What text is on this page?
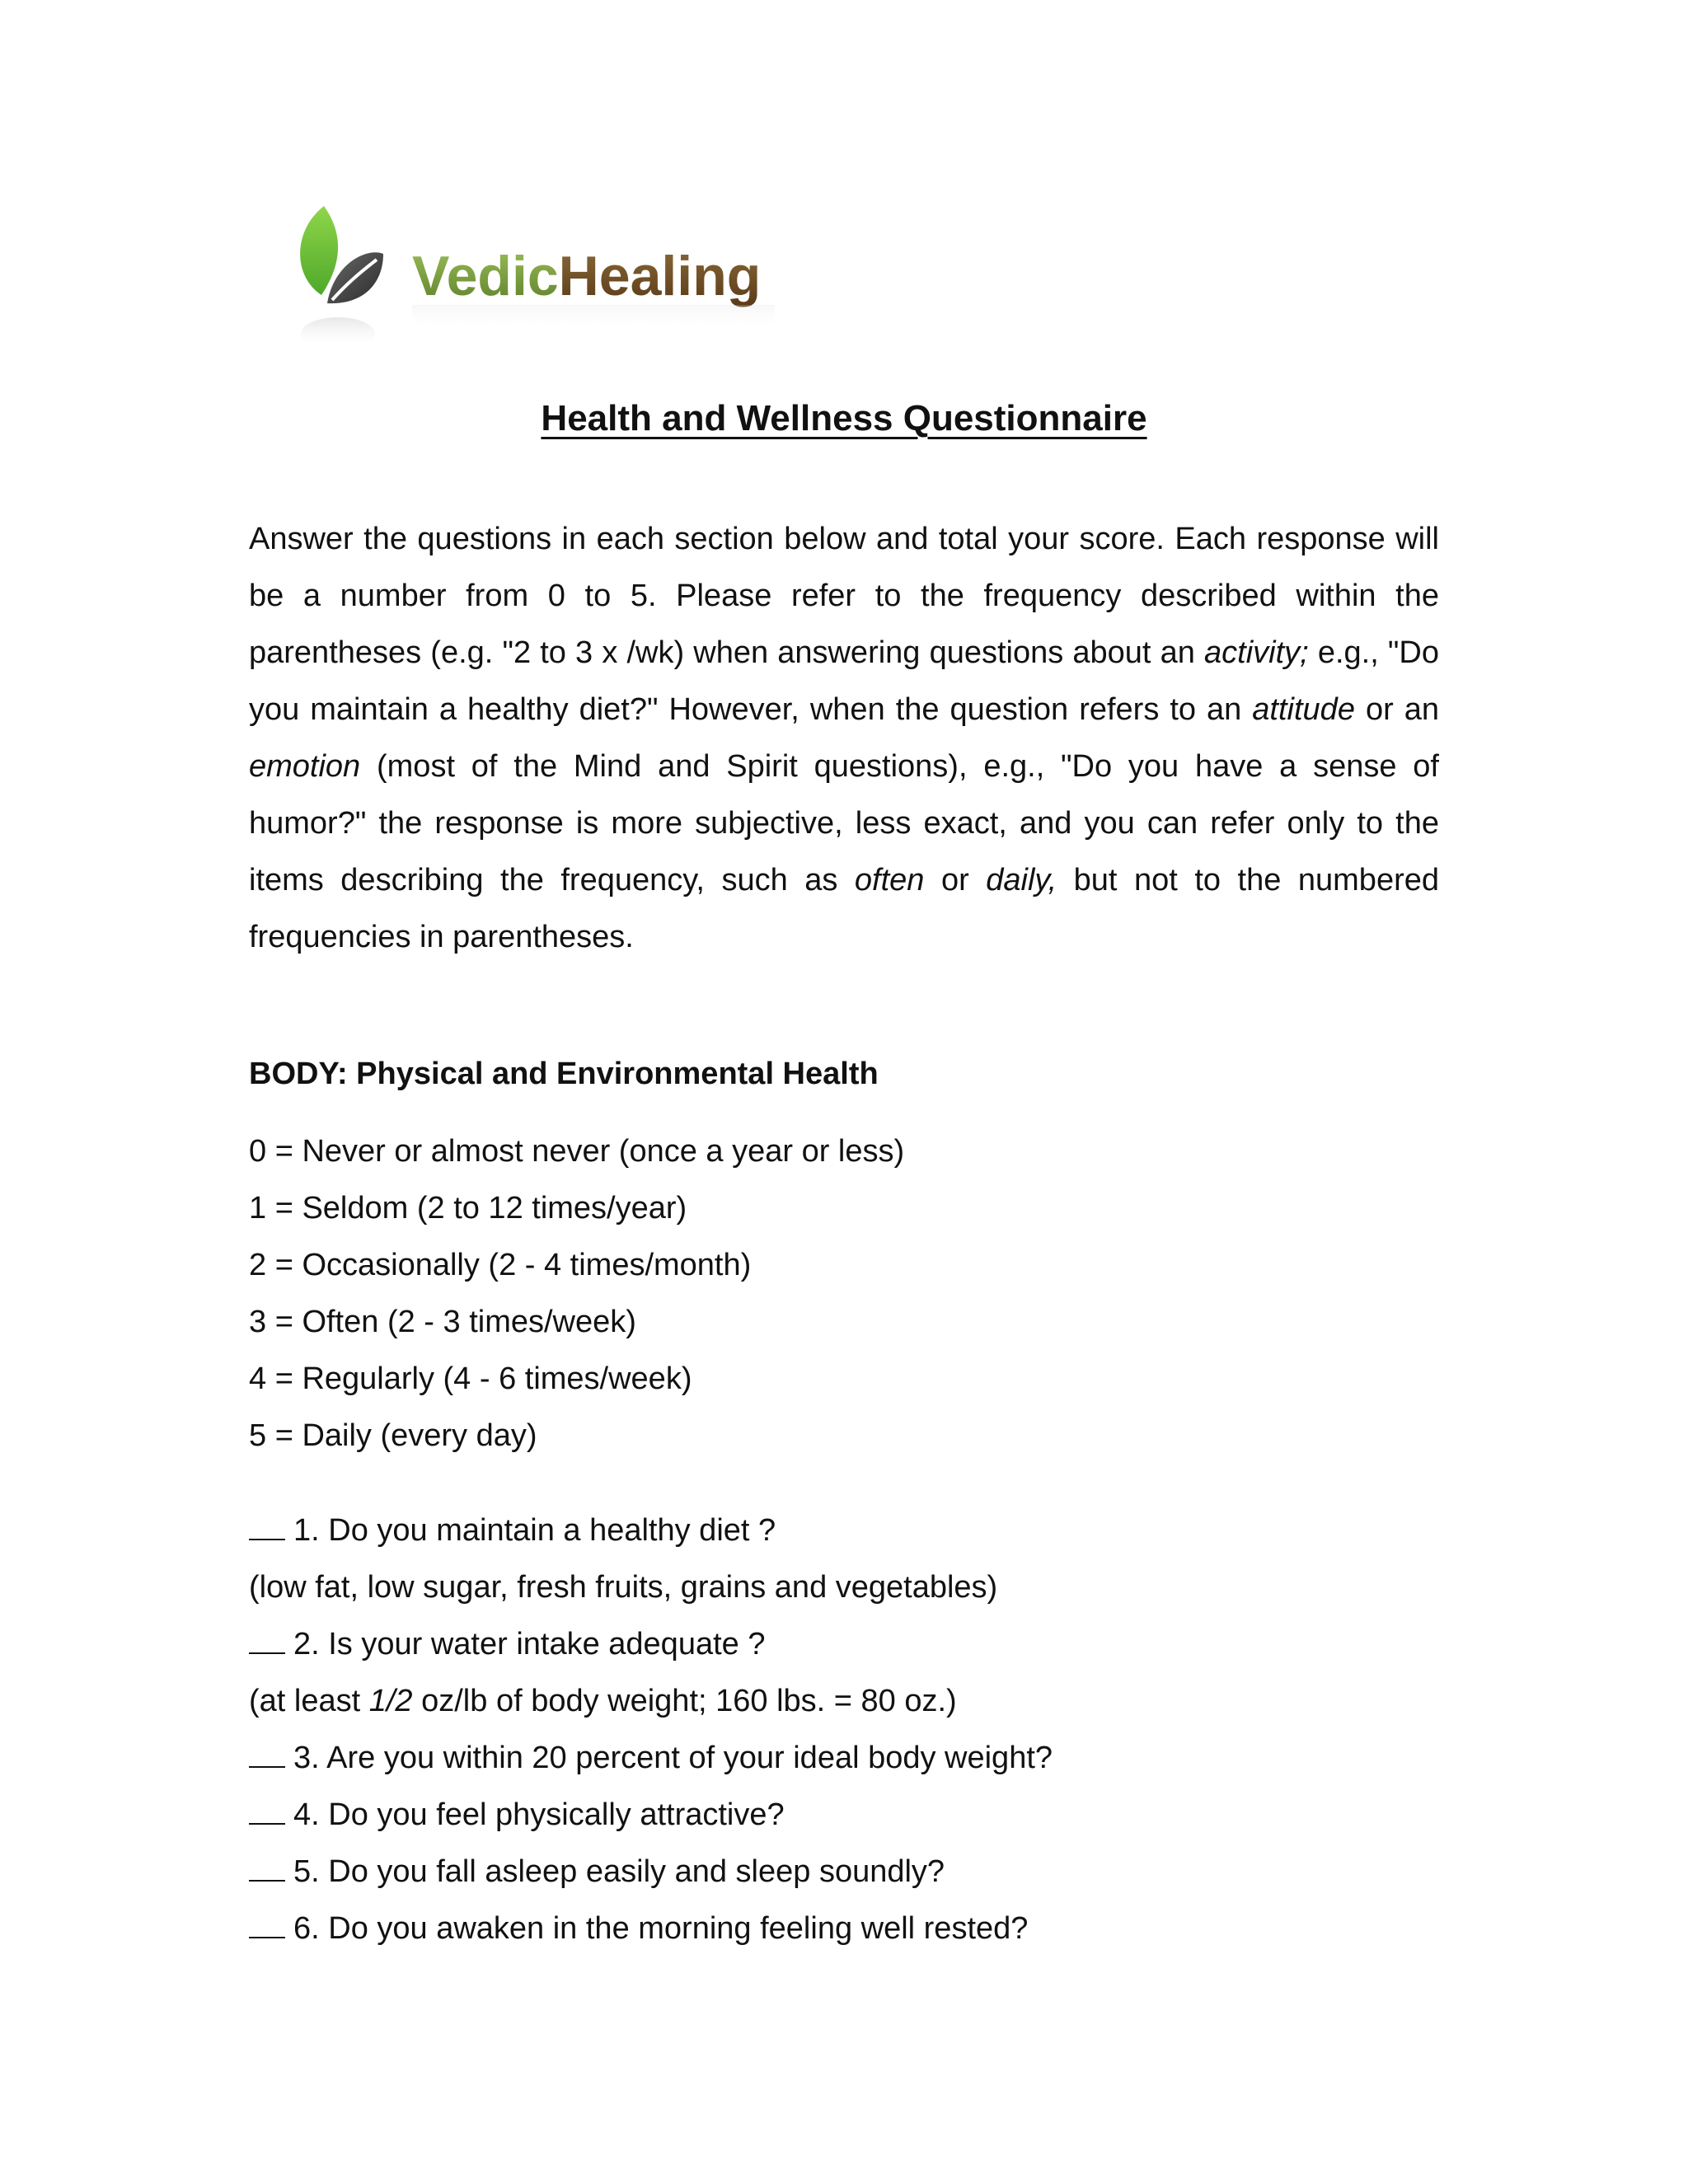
VedicHealing
Health and Wellness Questionnaire

Answer the questions in each section below and total your score. Each response will be a number from 0 to 5. Please refer to the frequency described within the parentheses (e.g. "2 to 3 x /wk) when answering questions about an activity; e.g., "Do you maintain a healthy diet?" However, when the question refers to an attitude or an emotion (most of the Mind and Spirit questions), e.g., "Do you have a sense of humor?" the response is more subjective, less exact, and you can refer only to the items describing the frequency, such as often or daily, but not to the numbered frequencies in parentheses.

BODY: Physical and Environmental Health
0 = Never or almost never (once a year or less)
1 = Seldom (2 to 12 times/year)
2 = Occasionally (2 - 4 times/month)
3 = Often (2 - 3 times/week)
4 = Regularly (4 - 6 times/week)
5 = Daily (every day)
1. Do you maintain a healthy diet ?
(low fat, low sugar, fresh fruits, grains and vegetables)
2. Is your water intake adequate ?
(at least 1/2 oz/lb of body weight; 160 lbs. = 80 oz.)
3. Are you within 20 percent of your ideal body weight?
4. Do you feel physically attractive?
5. Do you fall asleep easily and sleep soundly?
6. Do you awaken in the morning feeling well rested?
